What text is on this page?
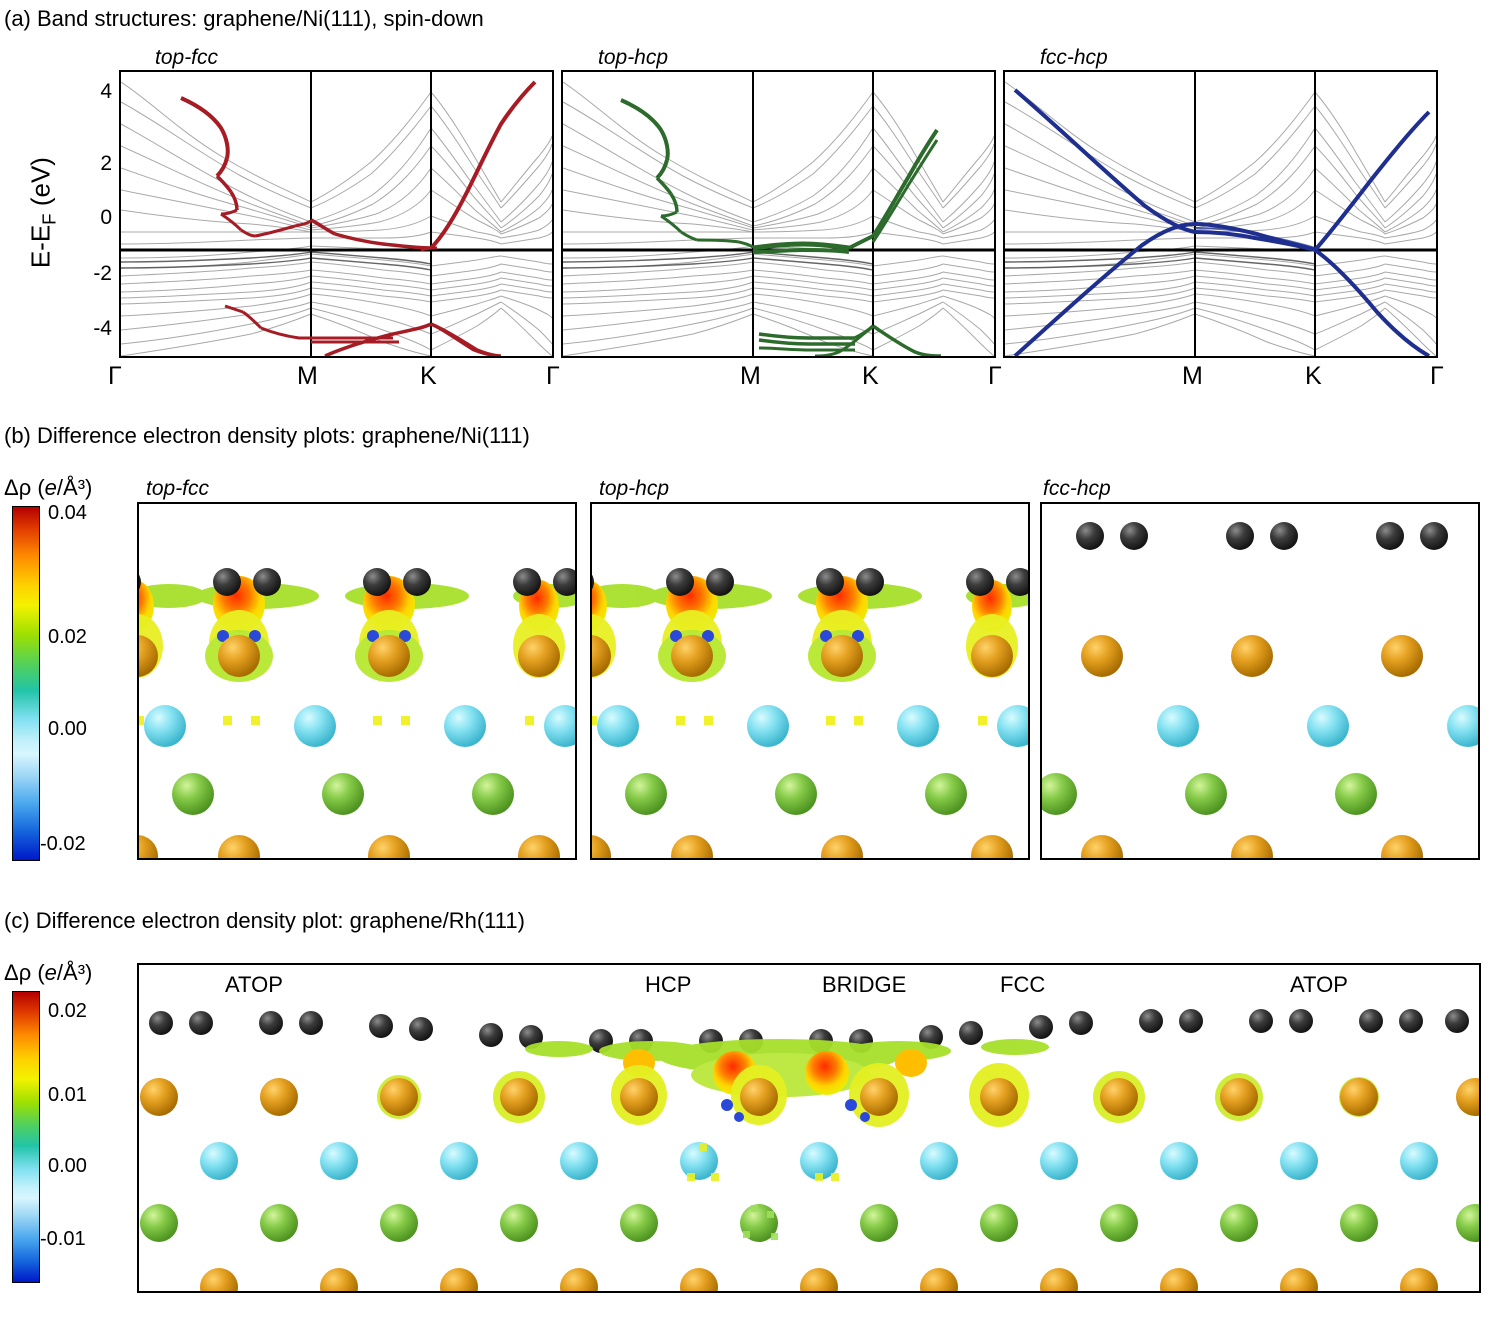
(a) Band structures: graphene/Ni(111), spin-down
top-fcc	top-hcp	fcc-hcp
$E-E_F$ (eV)
4
2
0
-2
-4
Γ	M	K	Γ	M	K	Γ	M	K	Γ
(b) Difference electron density plots: graphene/Ni(111)
Δρ (e/Å³)
0.04
0.02
0.00
-0.02
top-fcc	top-hcp	fcc-hcp
(c) Difference electron density plot: graphene/Rh(111)
Δρ (e/Å³)
0.02
0.01
0.00
-0.01
ATOP	HCP	BRIDGE	FCC	ATOP
